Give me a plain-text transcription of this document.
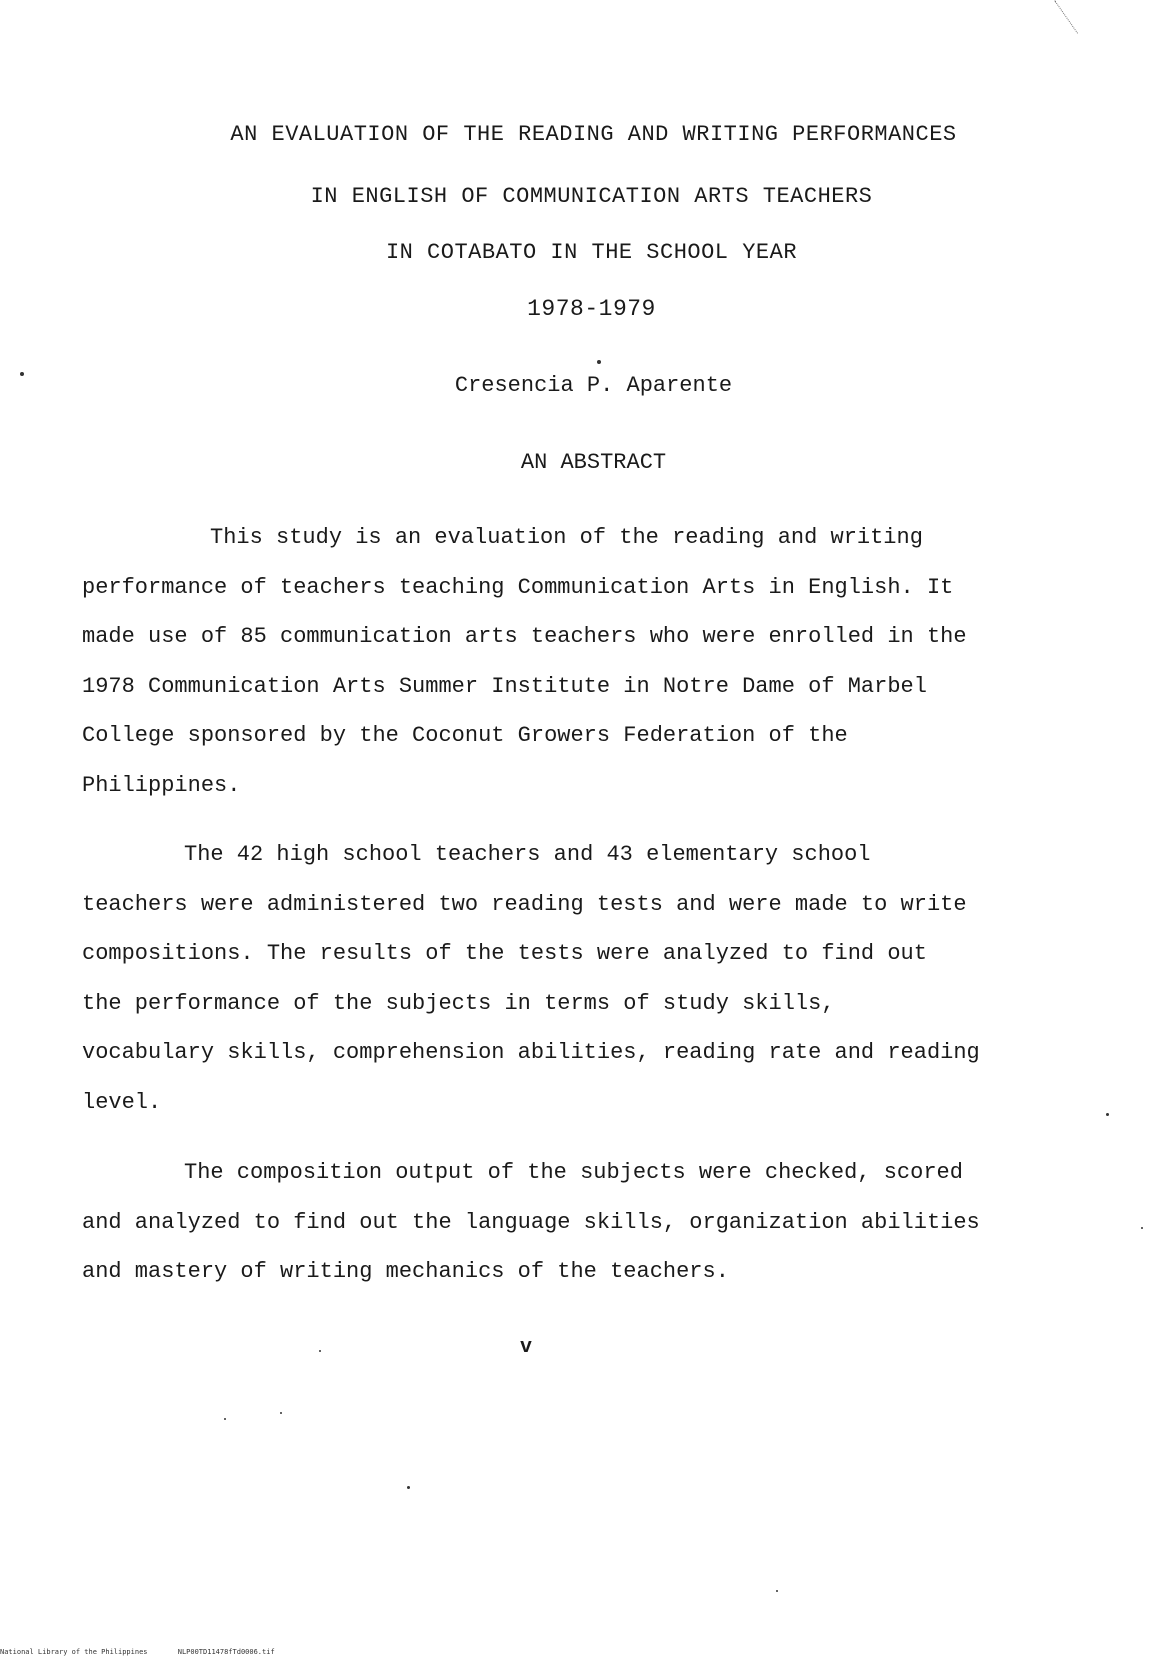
AN EVALUATION OF THE READING AND WRITING PERFORMANCES
IN ENGLISH OF COMMUNICATION ARTS TEACHERS
IN COTABATO IN THE SCHOOL YEAR
1978-1979
Cresencia P. Aparente
AN ABSTRACT
This study is an evaluation of the reading and writing
performance of teachers teaching Communication Arts in English. It
made use of 85 communication arts teachers who were enrolled in the
1978 Communication Arts Summer Institute in Notre Dame of Marbel
College sponsored by the Coconut Growers Federation of the
Philippines.
The 42 high school teachers and 43 elementary school
teachers were administered two reading tests and were made to write
compositions. The results of the tests were analyzed to find out
the performance of the subjects in terms of study skills,
vocabulary skills, comprehension abilities, reading rate and reading
level.
The composition output of the subjects were checked, scored
and analyzed to find out the language skills, organization abilities
and mastery of writing mechanics of the teachers.
v
National Library of the Philippines	NLP00TD11478fTd0006.tif
